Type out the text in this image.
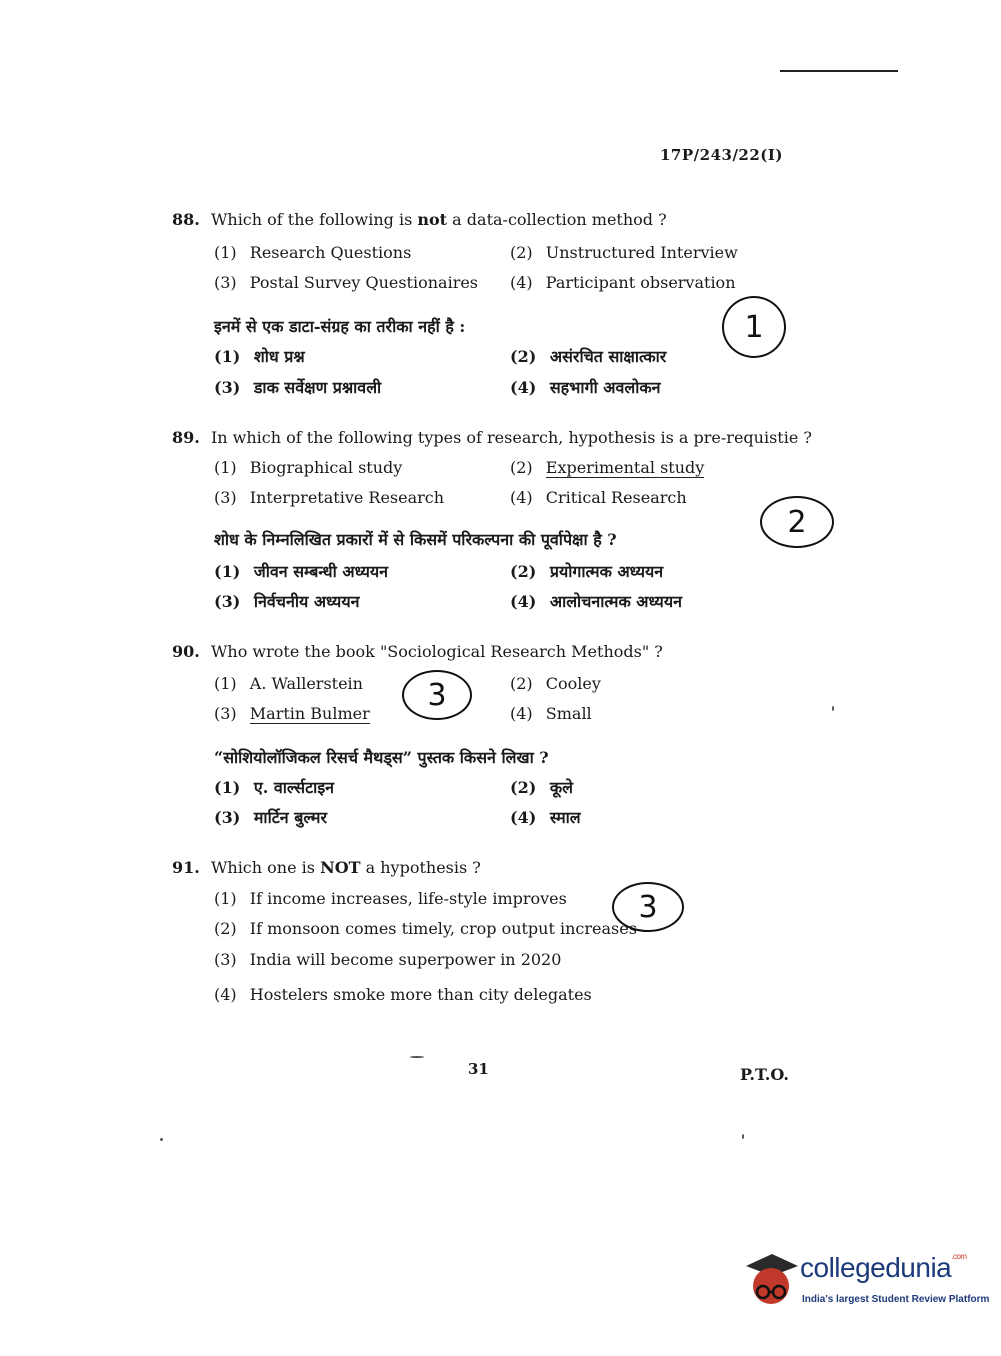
17P/243/22(I)
88. Which of the following is not a data-collection method ?
(1) Research Questions	(2) Unstructured Interview
(3) Postal Survey Questionaires (4) Participant observation
इनमें से एक डाटा-संग्रह का तरीका नहीं है :
(1) शोध प्रश्न	(2) असंरचित साक्षात्कार
(3) डाक सर्वेक्षण प्रश्नावली	(4) सहभागी अवलोकन
1
89. In which of the following types of research, hypothesis is a pre-requistie ?
(1) Biographical study	(2) Experimental study
(3) Interpretative Research	(4) Critical Research
शोध के निम्नलिखित प्रकारों में से किसमें परिकल्पना की पूर्वापेक्षा है ?
(1) जीवन सम्बन्धी अध्ययन	(2) प्रयोगात्मक अध्ययन
(3) निर्वचनीय अध्ययन	(4) आलोचनात्मक अध्ययन
2
90. Who wrote the book "Sociological Research Methods" ?
(1) A. Wallerstein	(2) Cooley
(3) Martin Bulmer	(4) Small
“सोशियोलॉजिकल रिसर्च मैथड्स” पुस्तक किसने लिखा ?
(1) ए. वार्ल्सटाइन	(2) कूले
(3) मार्टिन बुल्मर	(4) स्माल
3
91. Which one is NOT a hypothesis ?
(1) If income increases, life-style improves
(2) If monsoon comes timely, crop output increases
(3) India will become superpower in 2020
(4) Hostelers smoke more than city delegates
3
31	P.T.O.
collegedunia$^{.com}$
India's largest Student Review Platform
